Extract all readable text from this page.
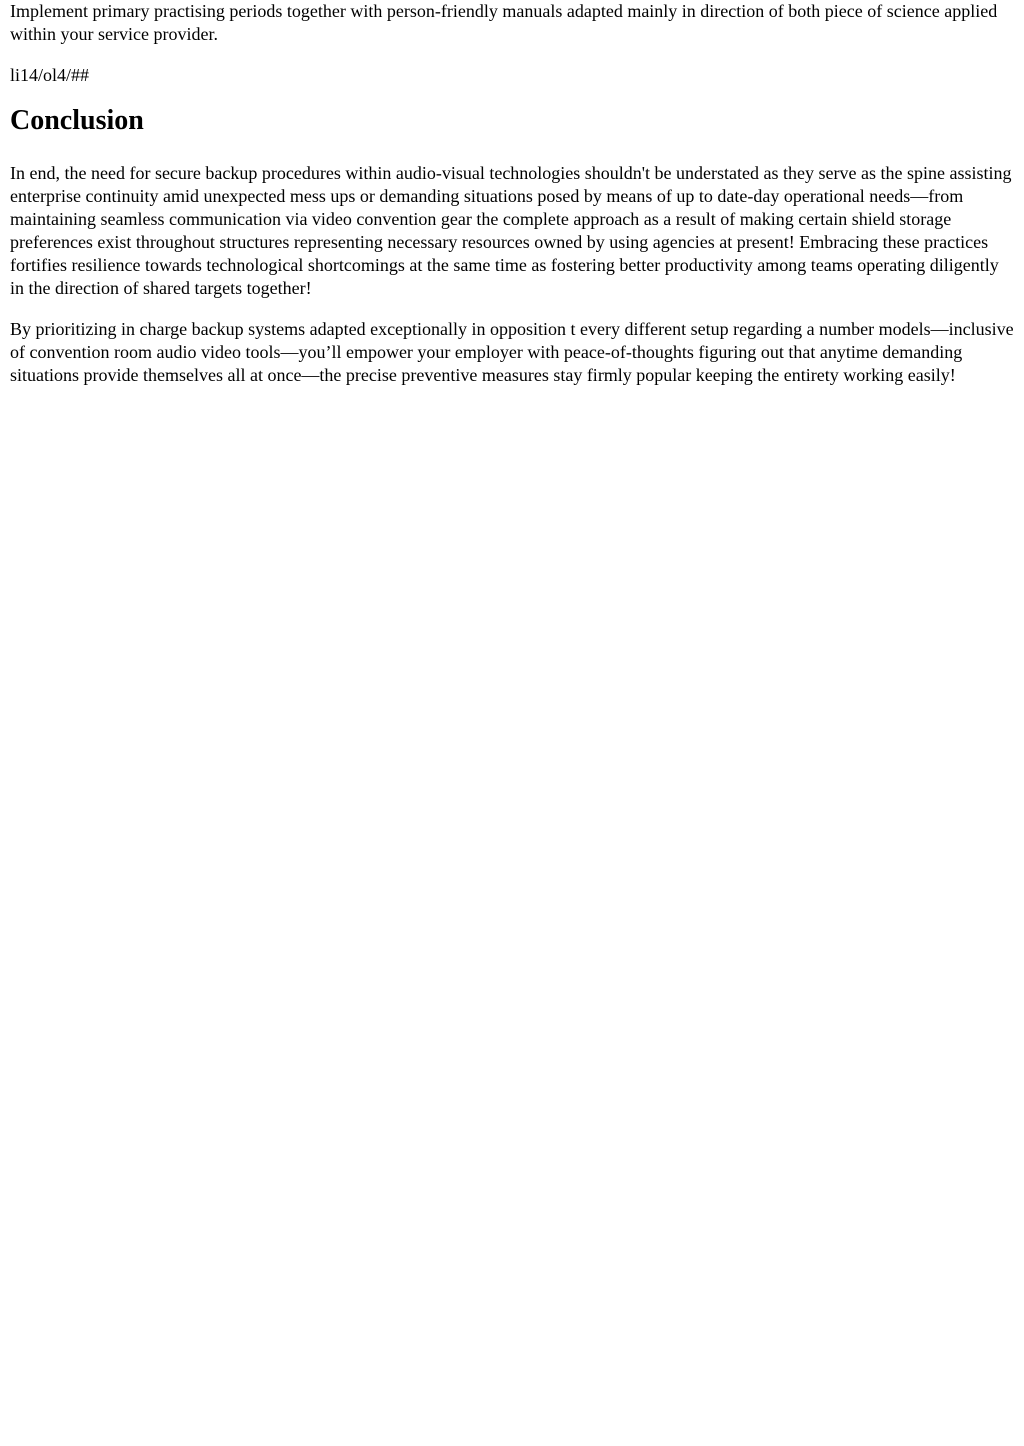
Implement primary practising periods together with person-friendly manuals adapted mainly in direction of both piece of science applied within your service provider.

li14/ol4/##

Conclusion

In end, the need for secure backup procedures within audio-visual technologies shouldn't be understated as they serve as the spine assisting enterprise continuity amid unexpected mess ups or demanding situations posed by means of up to date-day operational needs—from maintaining seamless communication via video convention gear the complete approach as a result of making certain shield storage preferences exist throughout structures representing necessary resources owned by using agencies at present! Embracing these practices fortifies resilience towards technological shortcomings at the same time as fostering better productivity among teams operating diligently in the direction of shared targets together!

By prioritizing in charge backup systems adapted exceptionally in opposition t every different setup regarding a number models—inclusive of convention room audio video tools—you’ll empower your employer with peace-of-thoughts figuring out that anytime demanding situations provide themselves all at once—the precise preventive measures stay firmly popular keeping the entirety working easily!
